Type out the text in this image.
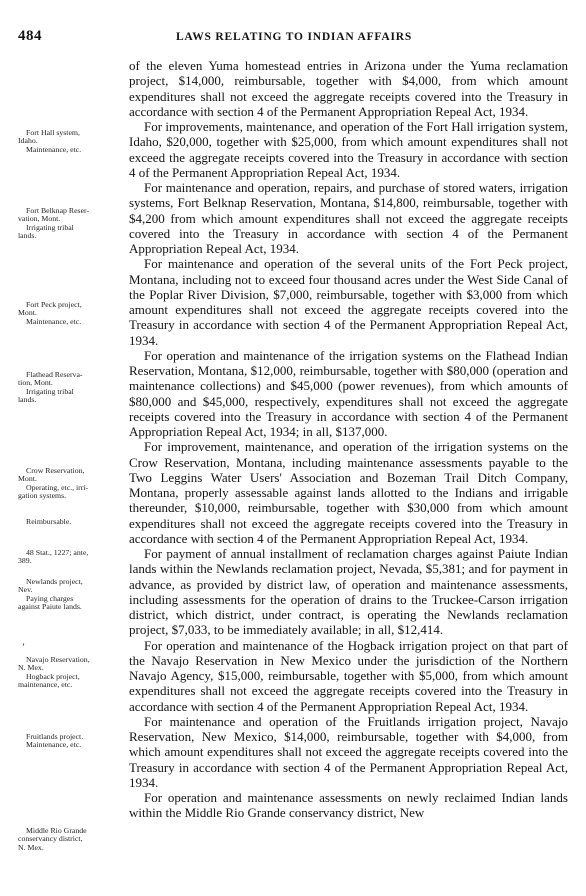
484	LAWS RELATING TO INDIAN AFFAIRS

of the eleven Yuma homestead entries in Arizona under the Yuma reclamation project, $14,000, reimbursable, together with $4,000, from which amount expenditures shall not exceed the aggregate receipts covered into the Treasury in accordance with section 4 of the Permanent Appropriation Repeal Act, 1934.

For improvements, maintenance, and operation of the Fort Hall irrigation system, Idaho, $20,000, together with $25,000, from which amount expenditures shall not exceed the aggregate receipts covered into the Treasury in accordance with section 4 of the Permanent Appropriation Repeal Act, 1934.

For maintenance and operation, repairs, and purchase of stored waters, irrigation systems, Fort Belknap Reservation, Montana, $14,800, reimbursable, together with $4,200 from which amount expenditures shall not exceed the aggregate receipts covered into the Treasury in accordance with section 4 of the Permanent Appropriation Repeal Act, 1934.

For maintenance and operation of the several units of the Fort Peck project, Montana, including not to exceed four thousand acres under the West Side Canal of the Poplar River Division, $7,000, reimbursable, together with $3,000 from which amount expenditures shall not exceed the aggregate receipts covered into the Treasury in accordance with section 4 of the Permanent Appropriation Repeal Act, 1934.

For operation and maintenance of the irrigation systems on the Flathead Indian Reservation, Montana, $12,000, reimbursable, together with $80,000 (operation and maintenance collections) and $45,000 (power revenues), from which amounts of $80,000 and $45,000, respectively, expenditures shall not exceed the aggregate receipts covered into the Treasury in accordance with section 4 of the Permanent Appropriation Repeal Act, 1934; in all, $137,000.

For improvement, maintenance, and operation of the irrigation systems on the Crow Reservation, Montana, including maintenance assessments payable to the Two Leggins Water Users' Association and Bozeman Trail Ditch Company, Montana, properly assessable against lands allotted to the Indians and irrigable thereunder, $10,000, reimbursable, together with $30,000 from which amount expenditures shall not exceed the aggregate receipts covered into the Treasury in accordance with section 4 of the Permanent Appropriation Repeal Act, 1934.

For payment of annual installment of reclamation charges against Paiute Indian lands within the Newlands reclamation project, Nevada, $5,381; and for payment in advance, as provided by district law, of operation and maintenance assessments, including assessments for the operation of drains to the Truckee-Carson irrigation district, which district, under contract, is operating the Newlands reclamation project, $7,033, to be immediately available; in all, $12,414.

For operation and maintenance of the Hogback irrigation project on that part of the Navajo Reservation in New Mexico under the jurisdiction of the Northern Navajo Agency, $15,000, reimbursable, together with $5,000, from which amount expenditures shall not exceed the aggregate receipts covered into the Treasury in accordance with section 4 of the Permanent Appropriation Repeal Act, 1934.

For maintenance and operation of the Fruitlands irrigation project, Navajo Reservation, New Mexico, $14,000, reimbursable, together with $4,000, from which amount expenditures shall not exceed the aggregate receipts covered into the Treasury in accordance with section 4 of the Permanent Appropriation Repeal Act, 1934.

For operation and maintenance assessments on newly reclaimed Indian lands within the Middle Rio Grande conservancy district, New

Fort Hall system,
Idaho.
Maintenance, etc.
Fort Belknap Reser-
vation, Mont.
Irrigating tribal
lands.
Fort Peck project,
Mont.
Maintenance, etc.
Flathead Reserva-
tion, Mont.
Irrigating tribal
lands.
Crow Reservation,
Mont.
Operating, etc., irri-
gation systems.
Reimbursable.
48 Stat., 1227; ante,
389.
Newlands project,
Nev.
Paying charges
against Paiute lands.
’
Navajo Reservation,
N. Mex.
Hogback project,
maintenance, etc.
Fruitlands project.
Maintenance, etc.
Middle Rio Grande
conservancy district,
N. Mex.
